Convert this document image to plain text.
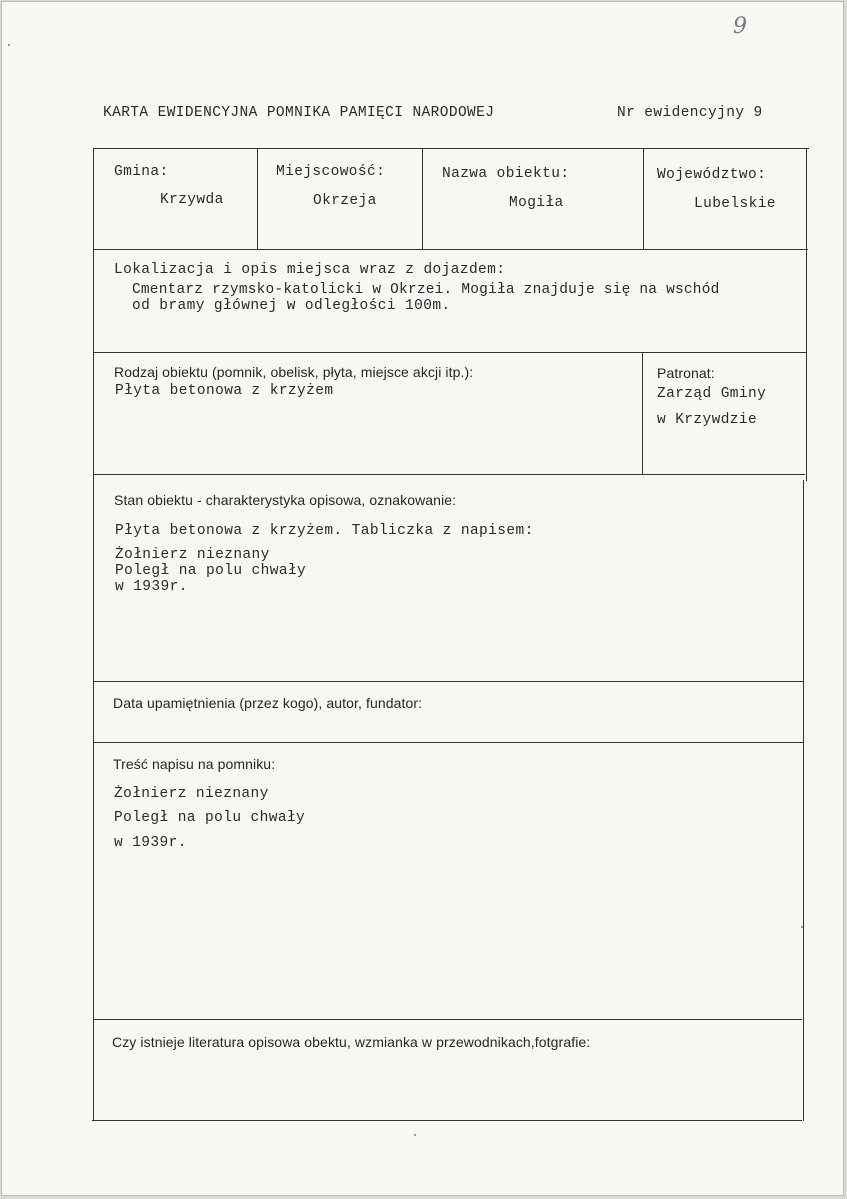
9
KARTA EWIDENCYJNA POMNIKA PAMIĘCI NARODOWEJ	Nr ewidencyjny 9
Gmina:
Krzywda
Miejscowość:
Okrzeja
Nazwa obiektu:
Mogiła
Województwo:
Lubelskie
Lokalizacja i opis miejsca wraz z dojazdem:
Cmentarz rzymsko-katolicki w Okrzei. Mogiła znajduje się na wschód
od bramy głównej w odległości 100m.
Rodzaj obiektu (pomnik, obelisk, płyta, miejsce akcji itp.):
Płyta betonowa z krzyżem
Patronat:
Zarząd Gminy
w Krzywdzie
Stan obiektu - charakterystyka opisowa, oznakowanie:
Płyta betonowa z krzyżem. Tabliczka z napisem:
Żołnierz nieznany
Poległ na polu chwały
w 1939r.
Data upamiętnienia (przez kogo), autor, fundator:
Treść napisu na pomniku:
Żołnierz nieznany
Poległ na polu chwały
w 1939r.
Czy istnieje literatura opisowa obektu, wzmianka w przewodnikach,fotgrafie:
